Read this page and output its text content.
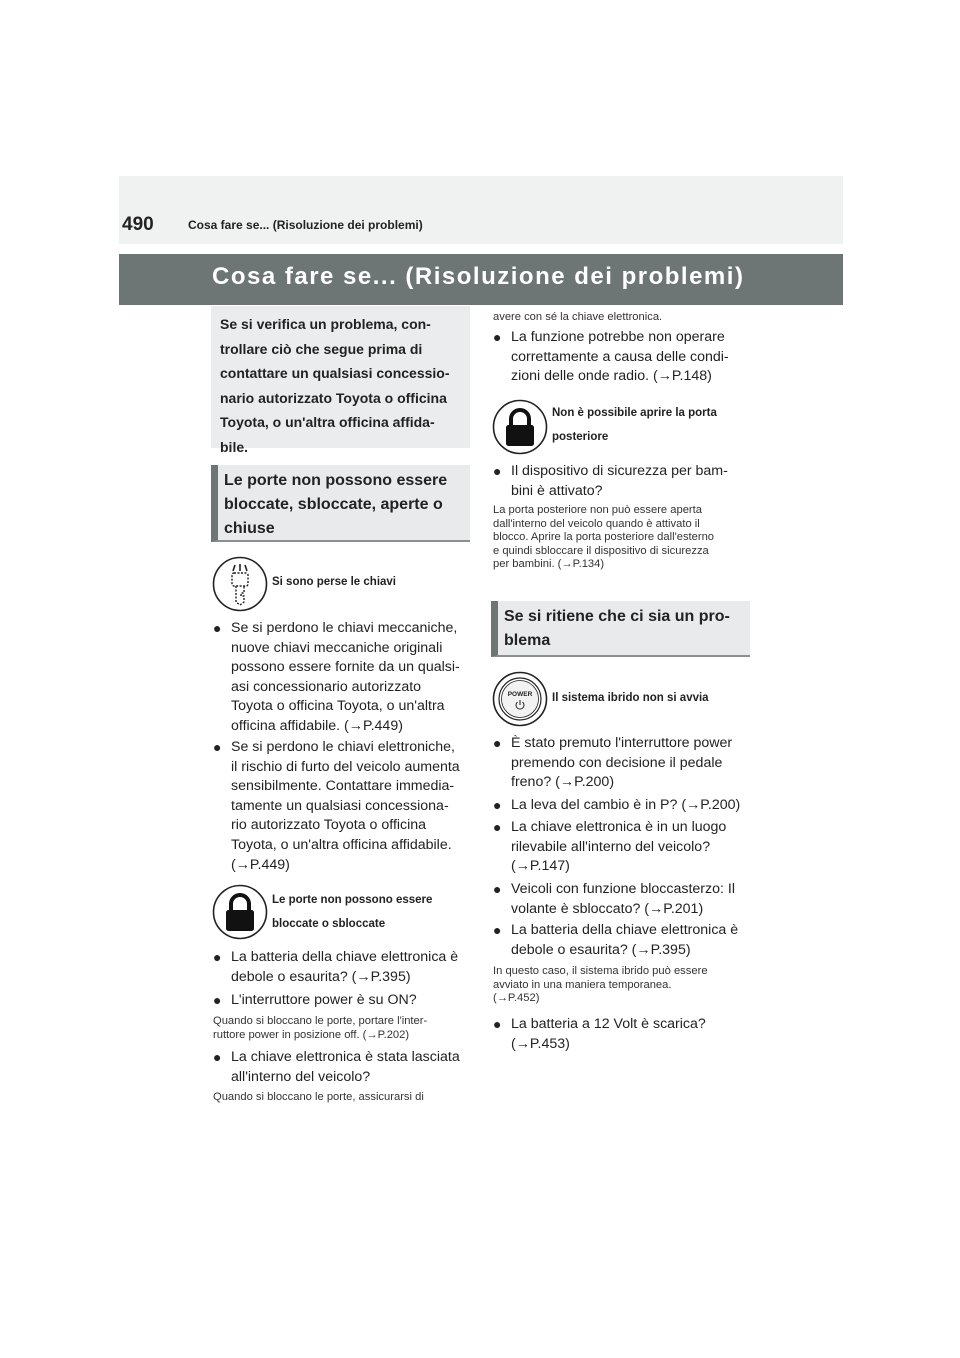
490	Cosa fare se... (Risoluzione dei problemi)
Cosa fare se... (Risoluzione dei problemi)

Se si verifica un problema, con-
trollare ciò che segue prima di
contattare un qualsiasi concessio-
nario autorizzato Toyota o officina
Toyota, o un'altra officina affida-
bile.

Le porte non possono essere
bloccate, sbloccate, aperte o
chiuse

Si sono perse le chiavi
● Se si perdono le chiavi meccaniche,
nuove chiavi meccaniche originali
possono essere fornite da un qualsi-
asi concessionario autorizzato
Toyota o officina Toyota, o un'altra
officina affidabile. (→P.449)
● Se si perdono le chiavi elettroniche,
il rischio di furto del veicolo aumenta
sensibilmente. Contattare immedia-
tamente un qualsiasi concessiona-
rio autorizzato Toyota o officina
Toyota, o un'altra officina affidabile.
(→P.449)
Le porte non possono essere
bloccate o sbloccate
● La batteria della chiave elettronica è
debole o esaurita? (→P.395)
● L'interruttore power è su ON?
Quando si bloccano le porte, portare l'inter-
ruttore power in posizione off. (→P.202)
● La chiave elettronica è stata lasciata
all'interno del veicolo?
Quando si bloccano le porte, assicurarsi di
avere con sé la chiave elettronica.
● La funzione potrebbe non operare
correttamente a causa delle condi-
zioni delle onde radio. (→P.148)
Non è possibile aprire la porta
posteriore
● Il dispositivo di sicurezza per bam-
bini è attivato?
La porta posteriore non può essere aperta
dall'interno del veicolo quando è attivato il
blocco. Aprire la porta posteriore dall'esterno
e quindi sbloccare il dispositivo di sicurezza
per bambini. (→P.134)

Se si ritiene che ci sia un pro-
blema

POWER Il sistema ibrido non si avvia
● È stato premuto l'interruttore power
premendo con decisione il pedale
freno? (→P.200)
● La leva del cambio è in P? (→P.200)
● La chiave elettronica è in un luogo
rilevabile all'interno del veicolo?
(→P.147)
● Veicoli con funzione bloccasterzo: Il
volante è sbloccato? (→P.201)
● La batteria della chiave elettronica è
debole o esaurita? (→P.395)
In questo caso, il sistema ibrido può essere
avviato in una maniera temporanea.
(→P.452)
● La batteria a 12 Volt è scarica?
(→P.453)
